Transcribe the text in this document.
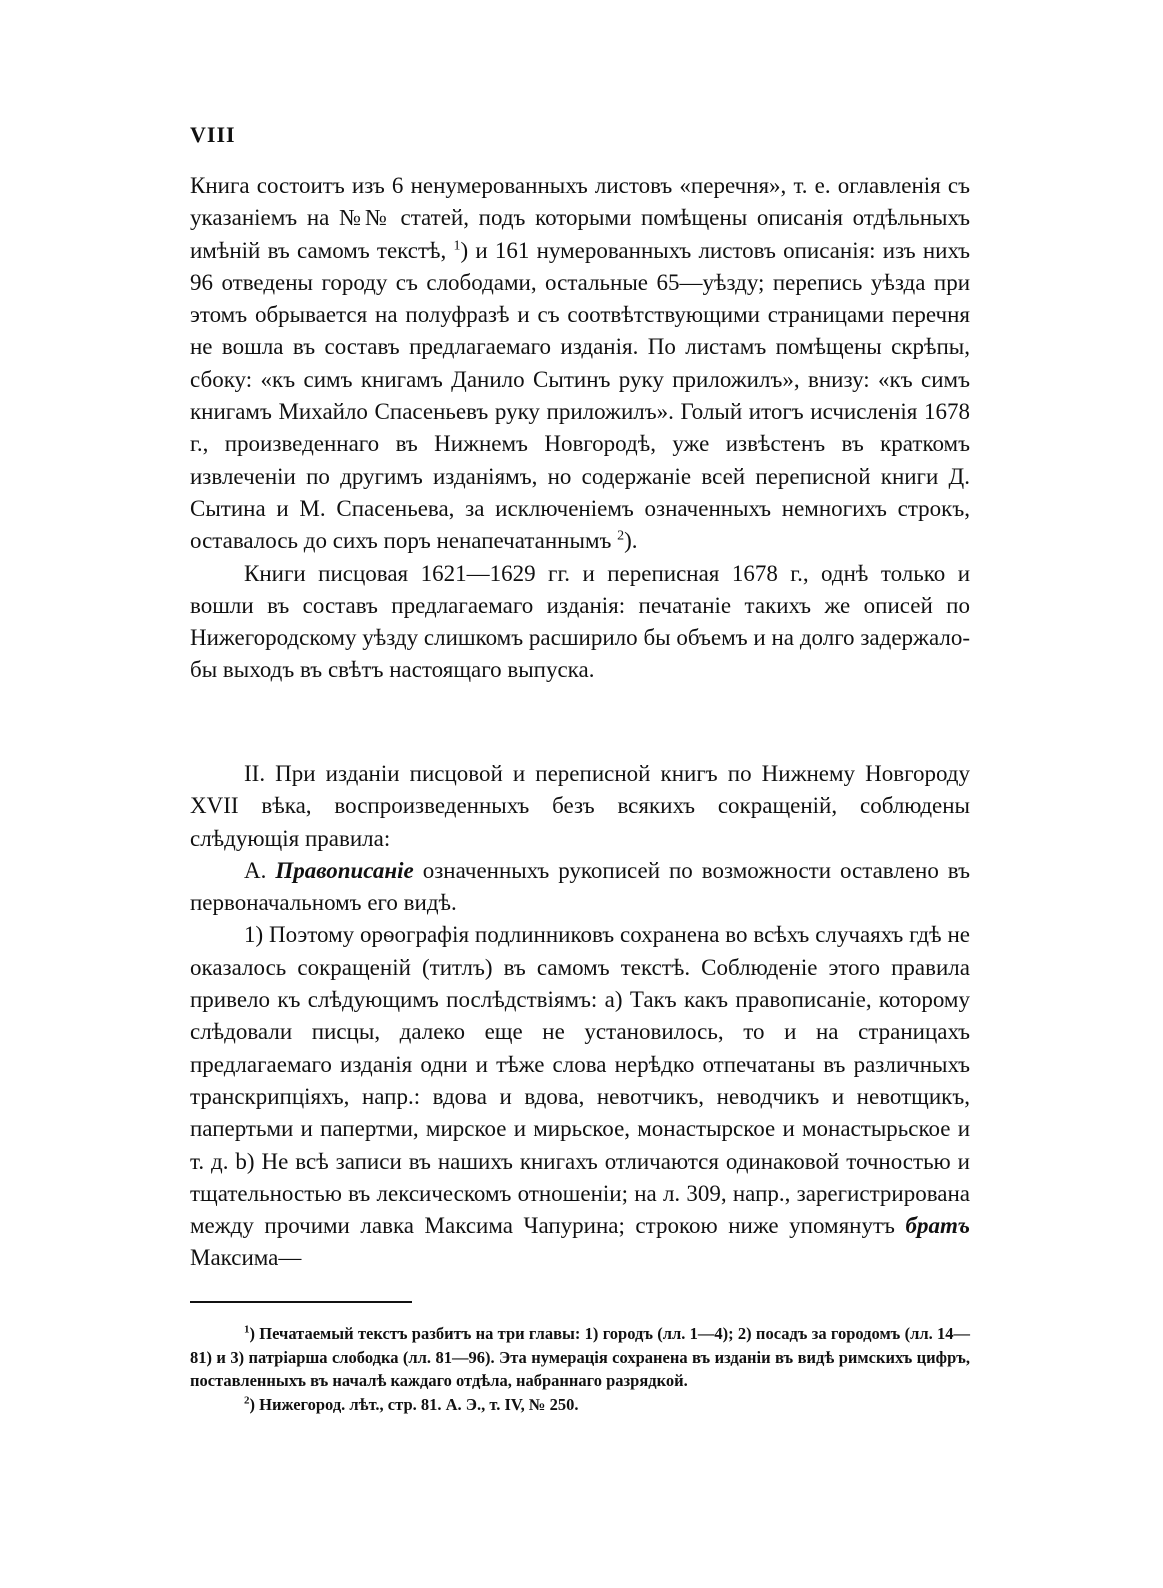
VIII

Книга состоитъ изъ 6 ненумерованныхъ листовъ «перечня», т. е. оглавленія съ указаніемъ на №№ статей, подъ которыми помѣщены описанія отдѣльныхъ имѣній въ самомъ текстѣ, $^1$) и 161 нумерованныхъ листовъ описанія: изъ нихъ 96 отведены городу съ слободами, остальные 65—уѣзду; перепись уѣзда при этомъ обрывается на полуфразѣ и съ соотвѣтствующими страницами перечня не вошла въ составъ предлагаемаго изданія. По листамъ помѣщены скрѣпы, сбоку: «къ симъ книгамъ Данило Сытинъ руку приложилъ», внизу: «къ симъ книгамъ Михайло Спасеньевъ руку приложилъ». Голый итогъ исчисленія 1678 г., произведеннаго въ Нижнемъ Новгородѣ, уже извѣстенъ въ краткомъ извлеченіи по другимъ изданіямъ, но содержаніе всей переписной книги Д. Сытина и М. Спасеньева, за исключеніемъ означенныхъ немногихъ строкъ, оставалось до сихъ поръ ненапечатаннымъ $^2$).

Книги писцовая 1621—1629 гг. и переписная 1678 г., однѣ только и вошли въ составъ предлагаемаго изданія: печатаніе такихъ же описей по Нижегородскому уѣзду слишкомъ расширило бы объемъ и на долго задержало-бы выходъ въ свѣтъ настоящаго выпуска.

II. При изданіи писцовой и переписной книгъ по Нижнему Новгороду XVII вѣка, воспроизведенныхъ безъ всякихъ сокращеній, соблюдены слѣдующія правила:

А. Правописаніе означенныхъ рукописей по возможности оставлено въ первоначальномъ его видѣ.

1) Поэтому орѳографія подлинниковъ сохранена во всѣхъ случаяхъ гдѣ не оказалось сокращеній (титлъ) въ самомъ текстѣ. Соблюденіе этого правила привело къ слѣдующимъ послѣдствіямъ: a) Такъ какъ правописаніе, которому слѣдовали писцы, далеко еще не установилось, то и на страницахъ предлагаемаго изданія одни и тѣже слова нерѣдко отпечатаны въ различныхъ транскрипціяхъ, напр.: вдова и вдова, невотчикъ, неводчикъ и невотщикъ, папертьми и папертми, мирское и мирьское, монастырское и монастырьское и т. д. b) Не всѣ записи въ нашихъ книгахъ отличаются одинаковой точностью и тщательностью въ лексическомъ отношеніи; на л. 309, напр., зарегистрирована между прочими лавка Максима Чапурина; строкою ниже упомянутъ братъ Максима—

$^1$) Печатаемый текстъ разбитъ на три главы: 1) городъ (лл. 1—4); 2) посадъ за городомъ (лл. 14—81) и 3) патріарша слободка (лл. 81—96). Эта нумерація сохранена въ изданіи въ видѣ римскихъ цифръ, поставленныхъ въ началѣ каждаго отдѣла, набраннаго разрядкой.

$^2$) Нижегород. лѣт., стр. 81. А. Э., т. IV, № 250.
